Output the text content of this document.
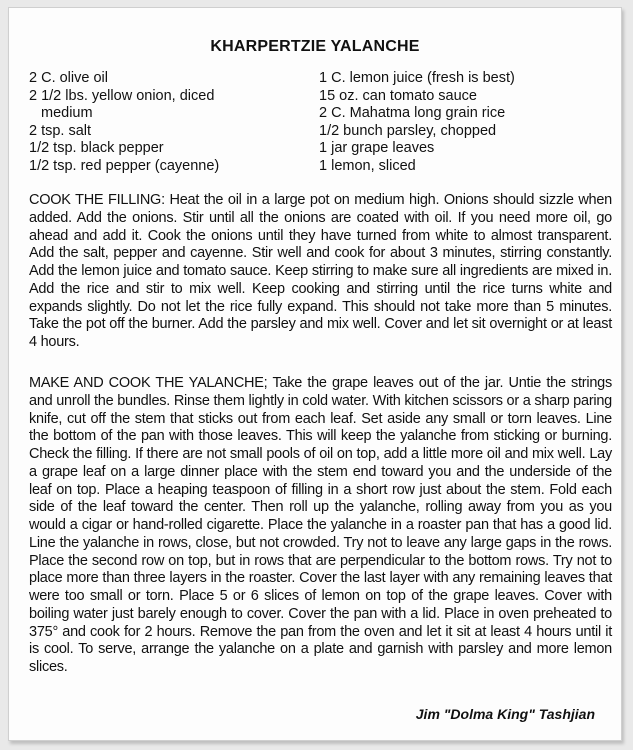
KHARPERTZIE YALANCHE
2 C. olive oil
2 1/2 lbs. yellow onion, diced
medium
2 tsp. salt
1/2 tsp. black pepper
1/2 tsp. red pepper (cayenne)
1 C. lemon juice (fresh is best)
15 oz. can tomato sauce
2 C. Mahatma long grain rice
1/2 bunch parsley, chopped
1 jar grape leaves
1 lemon, sliced

COOK THE FILLING: Heat the oil in a large pot on medium high. Onions should sizzle when added. Add the onions. Stir until all the onions are coated with oil. If you need more oil, go ahead and add it. Cook the onions until they have turned from white to almost transparent. Add the salt, pepper and cayenne. Stir well and cook for about 3 minutes, stirring constantly. Add the lemon juice and tomato sauce. Keep stirring to make sure all ingredients are mixed in. Add the rice and stir to mix well. Keep cooking and stirring until the rice turns white and expands slightly. Do not let the rice fully expand. This should not take more than 5 minutes. Take the pot off the burner. Add the parsley and mix well. Cover and let sit overnight or at least 4 hours.

MAKE AND COOK THE YALANCHE; Take the grape leaves out of the jar. Untie the strings and unroll the bundles. Rinse them lightly in cold water. With kitchen scissors or a sharp paring knife, cut off the stem that sticks out from each leaf. Set aside any small or torn leaves. Line the bottom of the pan with those leaves. This will keep the yalanche from sticking or burning. Check the filling. If there are not small pools of oil on top, add a little more oil and mix well. Lay a grape leaf on a large dinner place with the stem end toward you and the underside of the leaf on top. Place a heaping teaspoon of filling in a short row just about the stem. Fold each side of the leaf toward the center. Then roll up the yalanche, rolling away from you as you would a cigar or hand-rolled cigarette. Place the yalanche in a roaster pan that has a good lid. Line the yalanche in rows, close, but not crowded. Try not to leave any large gaps in the rows. Place the second row on top, but in rows that are perpendicular to the bottom rows. Try not to place more than three layers in the roaster. Cover the last layer with any remaining leaves that were too small or torn. Place 5 or 6 slices of lemon on top of the grape leaves. Cover with boiling water just barely enough to cover. Cover the pan with a lid. Place in oven preheated to 375° and cook for 2 hours. Remove the pan from the oven and let it sit at least 4 hours until it is cool. To serve, arrange the yalanche on a plate and garnish with parsley and more lemon slices.

Jim "Dolma King" Tashjian
